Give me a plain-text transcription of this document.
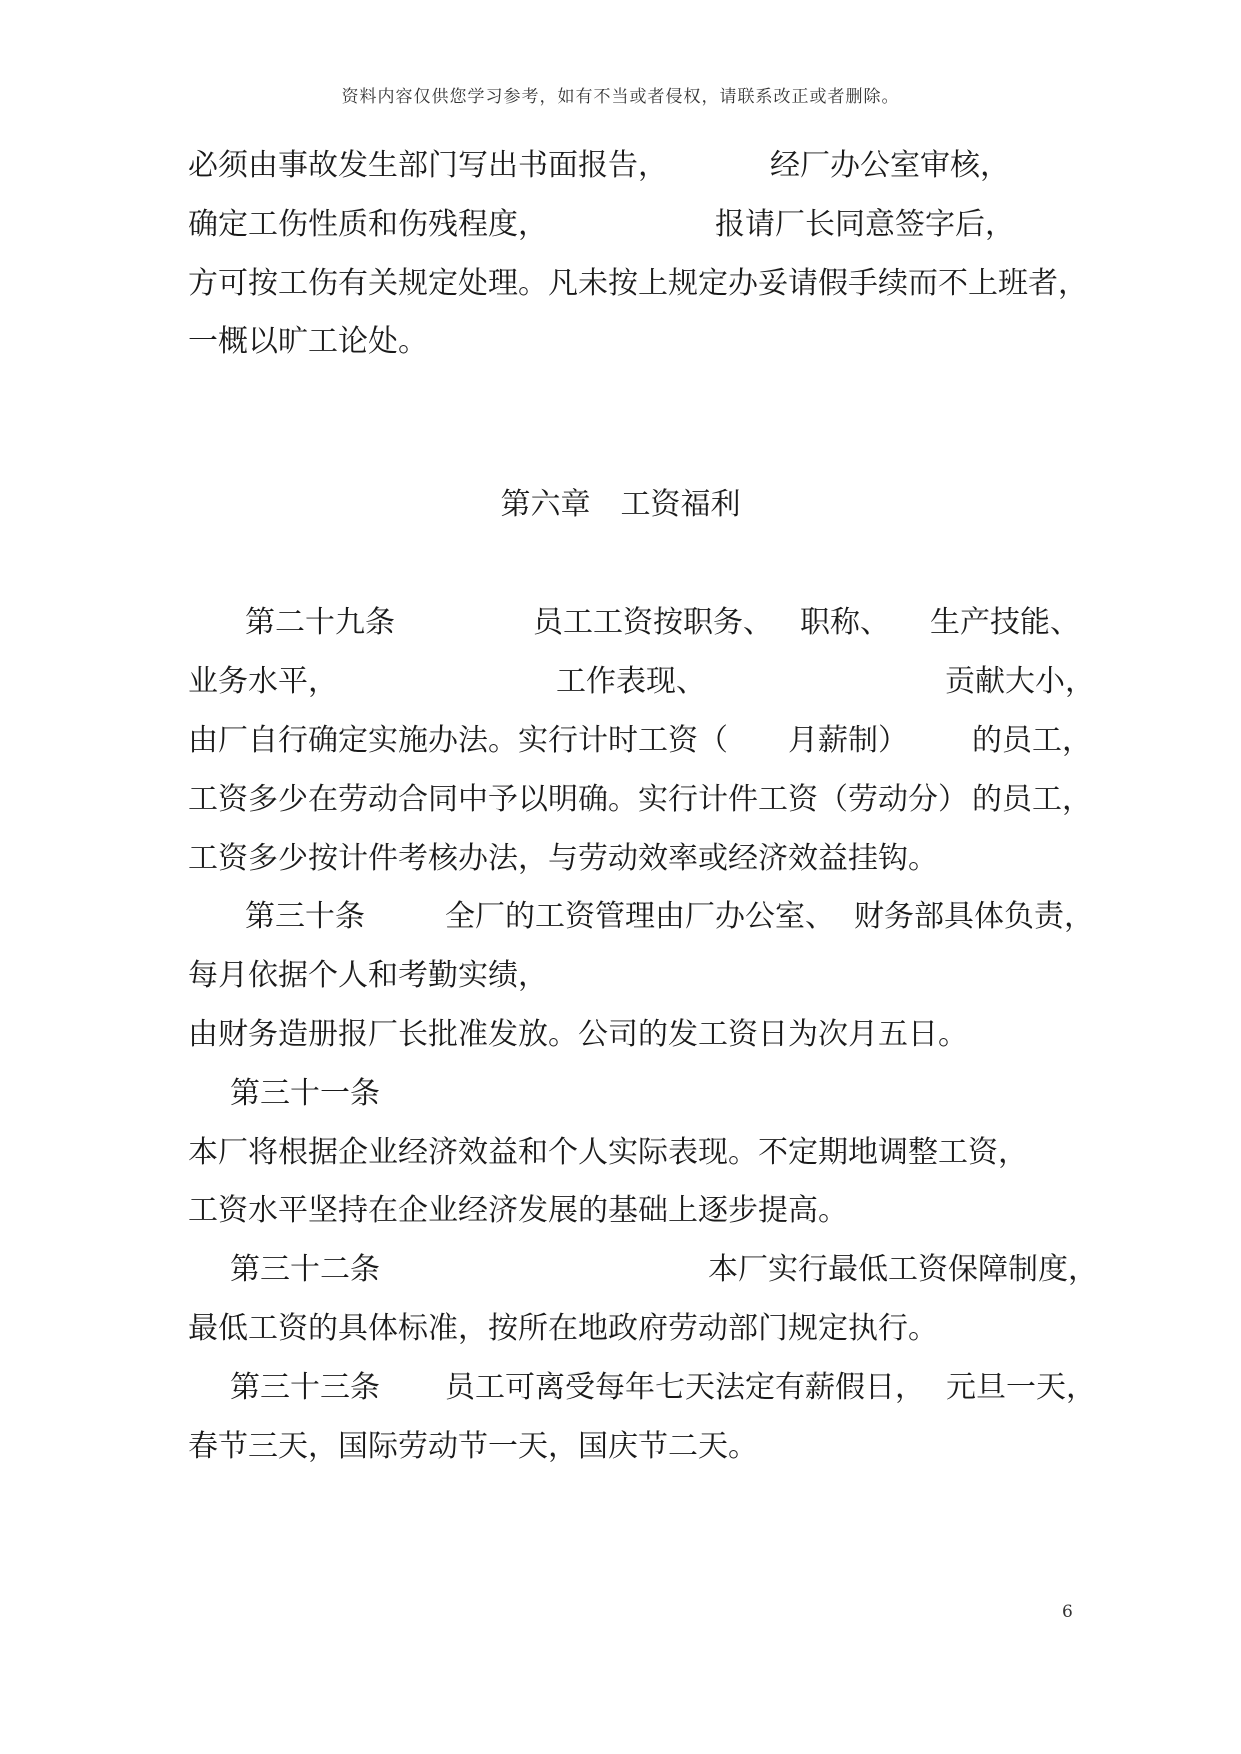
资料内容仅供您学习参考，如有不当或者侵权，请联系改正或者删除。
必须由事故发生部门写出书面报告，	经厂办公室审核，
确定工伤性质和伤残程度，	报请厂长同意签字后，
方可按工伤有关规定处理。凡未按上规定办妥请假手续而不上班者，
一概以旷工论处。
第六章 工资福利
第二十九条	员工工资按职务、 职称、 生产技能、
业务水平，	工作表现、	贡献大小，
由厂自行确定实施办法。实行计时工资（ 月薪制） 的员工，
工资多少在劳动合同中予以明确。实行计件工资（ 劳动分） 的员工，
工资多少按计件考核办法，与劳动效率或经济效益挂钩。
第三十条	全厂的工资管理由厂办公室、 财务部具体负责，
每月依据个人和考勤实绩，
由财务造册报厂长批准发放。公司的发工资日为次月五日。
第三十一条
本厂将根据企业经济效益和个人实际表现。不定期地调整工资，
工资水平坚持在企业经济发展的基础上逐步提高。
第三十二条	本厂实行最低工资保障制度，
最低工资的具体标准，按所在地政府劳动部门规定执行。
第三十三条 员工可离受每年七天法定有薪假日， 元旦一天，
春节三天，国际劳动节一天，国庆节二天。
6
